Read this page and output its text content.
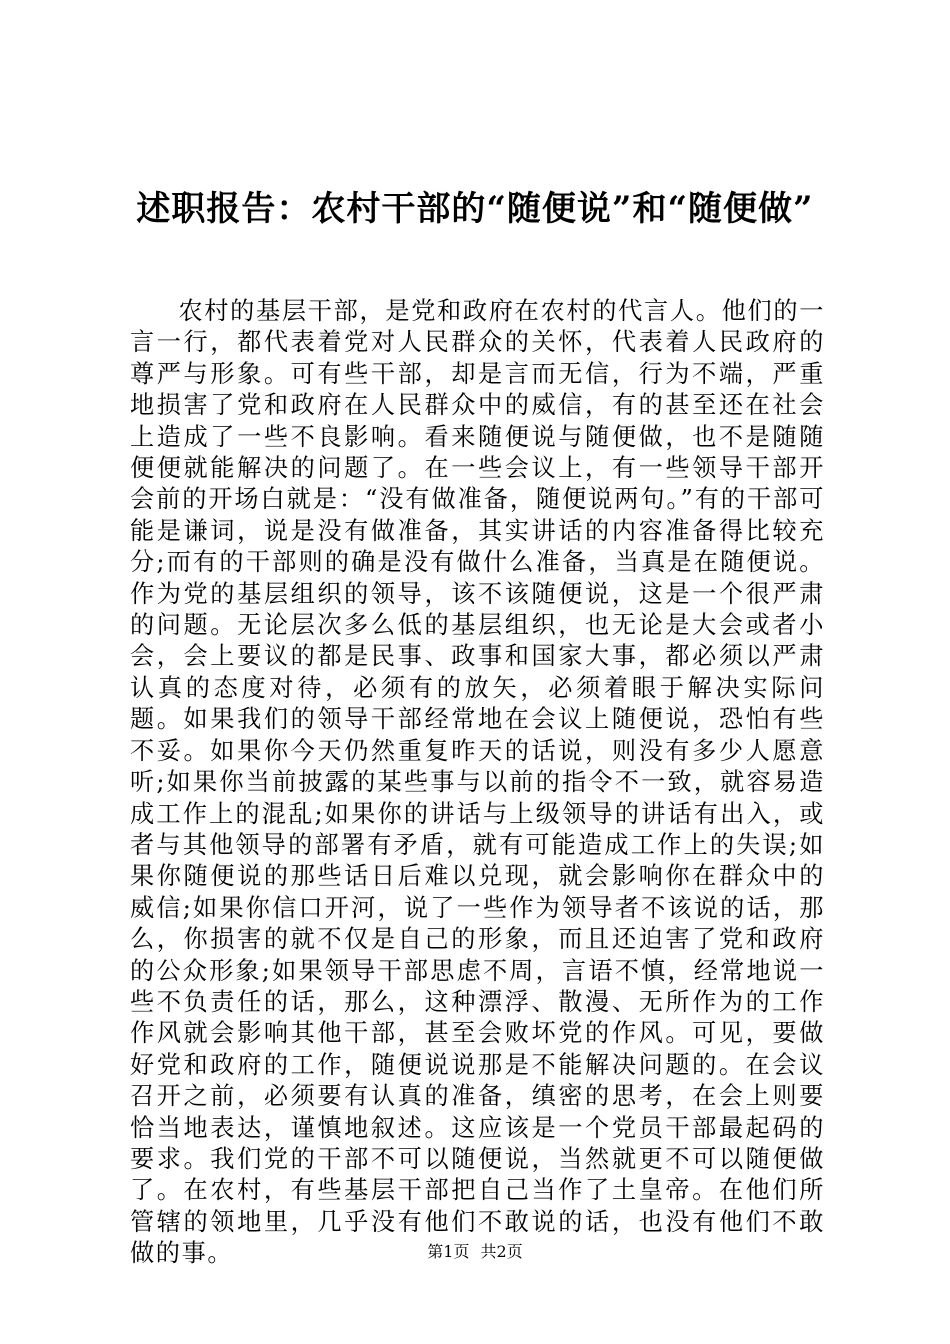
述职报告：农村干部的“随便说”和“随便做”

农村的基层干部，是党和政府在农村的代言人。他们的一言一行，都代表着党对人民群众的关怀，代表着人民政府的尊严与形象。可有些干部，却是言而无信，行为不端，严重地损害了党和政府在人民群众中的威信，有的甚至还在社会上造成了一些不良影响。看来随便说与随便做，也不是随随便便就能解决的问题了。在一些会议上，有一些领导干部开会前的开场白就是：“没有做准备，随便说两句。”有的干部可能是谦词，说是没有做准备，其实讲话的内容准备得比较充分;而有的干部则的确是没有做什么准备，当真是在随便说。作为党的基层组织的领导，该不该随便说，这是一个很严肃的问题。无论层次多么低的基层组织，也无论是大会或者小会，会上要议的都是民事、政事和国家大事，都必须以严肃认真的态度对待，必须有的放矢，必须着眼于解决实际问题。如果我们的领导干部经常地在会议上随便说，恐怕有些不妥。如果你今天仍然重复昨天的话说，则没有多少人愿意听;如果你当前披露的某些事与以前的指令不一致，就容易造成工作上的混乱;如果你的讲话与上级领导的讲话有出入，或者与其他领导的部署有矛盾，就有可能造成工作上的失误;如果你随便说的那些话日后难以兑现，就会影响你在群众中的威信;如果你信口开河，说了一些作为领导者不该说的话，那么，你损害的就不仅是自己的形象，而且还迫害了党和政府的公众形象;如果领导干部思虑不周，言语不慎，经常地说一些不负责任的话，那么，这种漂浮、散漫、无所作为的工作作风就会影响其他干部，甚至会败坏党的作风。可见，要做好党和政府的工作，随便说说那是不能解决问题的。在会议召开之前，必须要有认真的准备，缜密的思考，在会上则要恰当地表达，谨慎地叙述。这应该是一个党员干部最起码的要求。我们党的干部不可以随便说，当然就更不可以随便做了。在农村，有些基层干部把自己当作了土皇帝。在他们所管辖的领地里，几乎没有他们不敢说的话，也没有他们不敢做的事。	第1页 共2页
